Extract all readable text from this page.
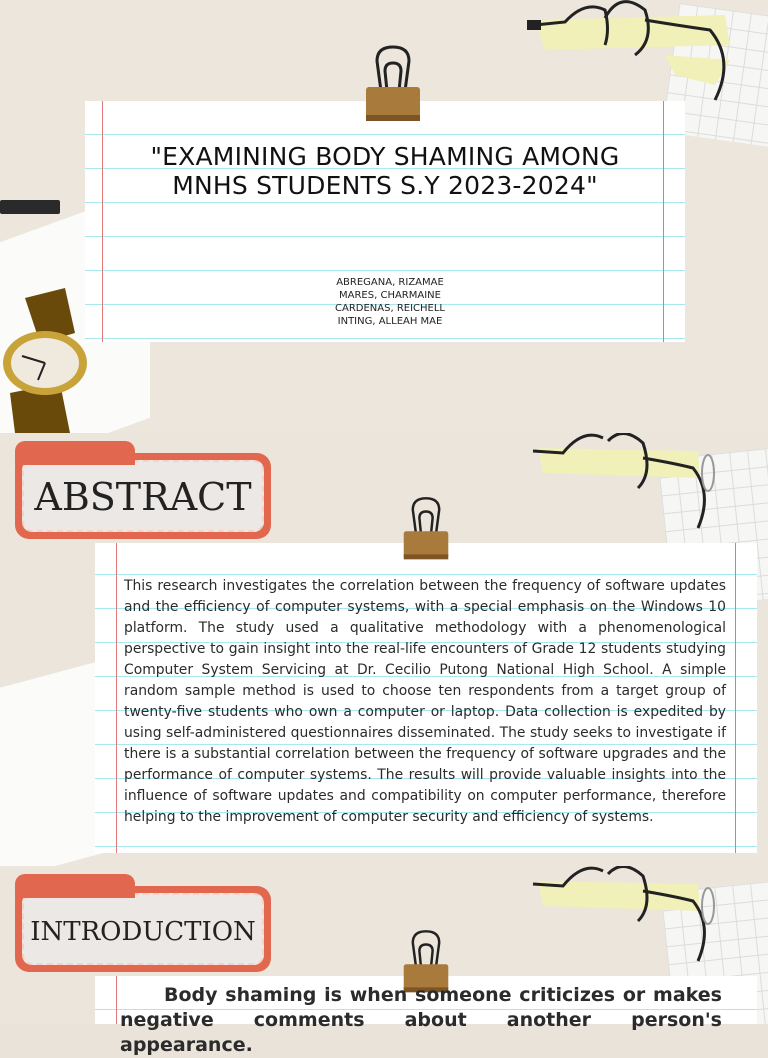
"EXAMINING BODY SHAMING AMONG MNHS STUDENTS S.Y 2023-2024"
ABREGANA, RIZAMAE
MARES, CHARMAINE
CARDENAS, REICHELL
INTING, ALLEAH MAE
ABSTRACT
This research investigates the correlation between the frequency of software updates and the efficiency of computer systems, with a special emphasis on the Windows 10 platform. The study used a qualitative methodology with a phenomenological perspective to gain insight into the real-life encounters of Grade 12 students studying Computer System Servicing at Dr. Cecilio Putong National High School. A simple random sample method is used to choose ten respondents from a target group of twenty-five students who own a computer or laptop. Data collection is expedited by using self-administered questionnaires disseminated. The study seeks to investigate if there is a substantial correlation between the frequency of software upgrades and the performance of computer systems. The results will provide valuable insights into the influence of software updates and compatibility on computer performance, therefore helping to the improvement of computer security and efficiency of systems.
INTRODUCTION
Body shaming is when someone criticizes or makes negative comments about another person's appearance.
